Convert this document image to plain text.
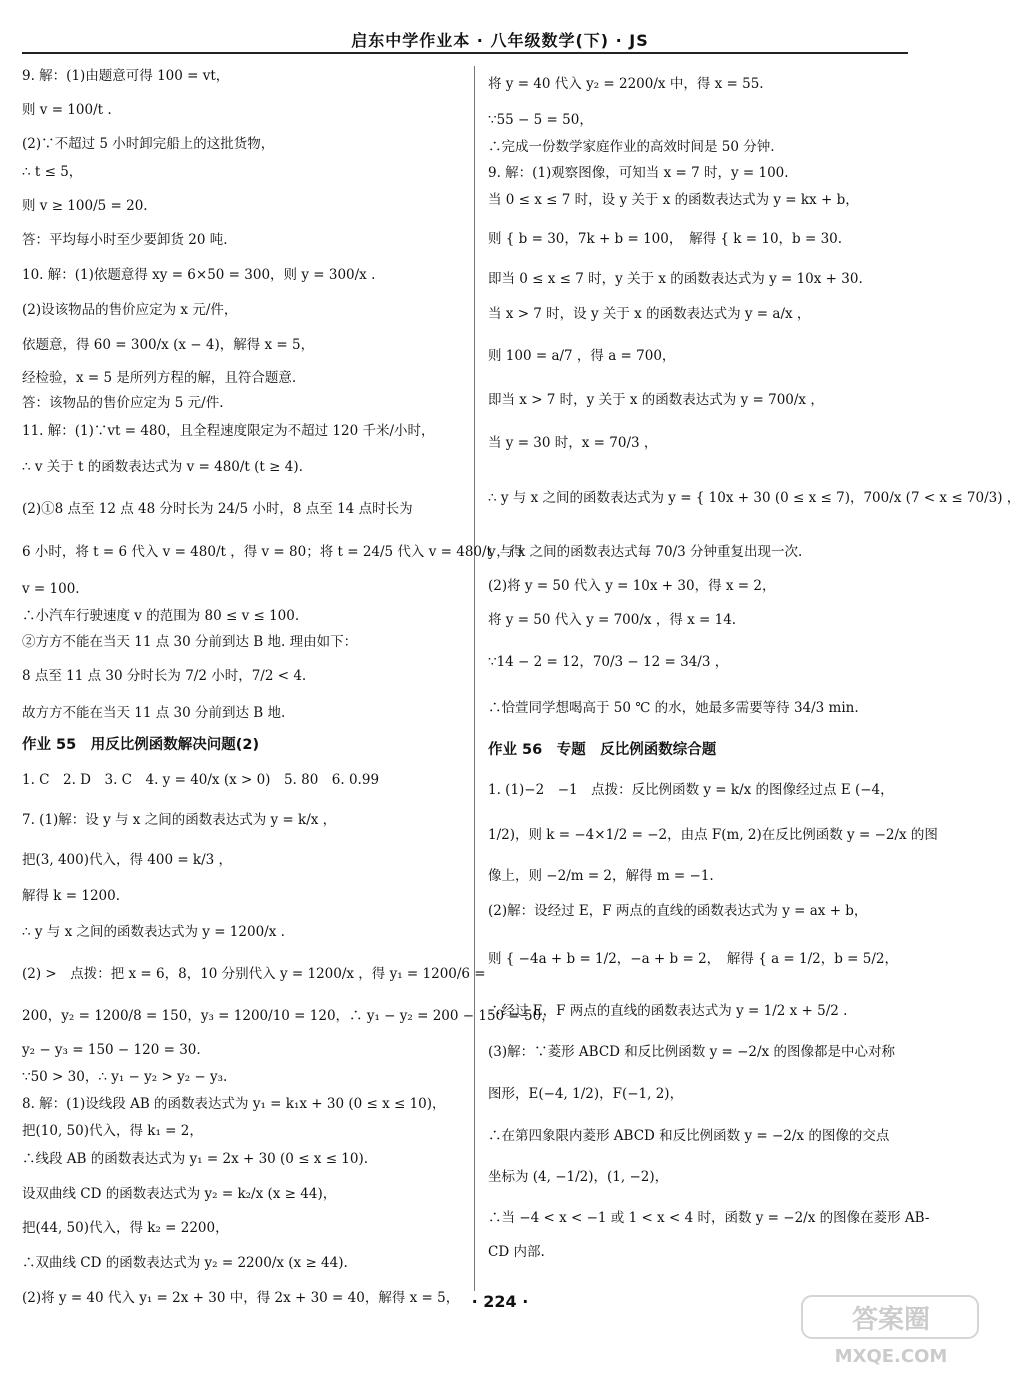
启东中学作业本 · 八年级数学(下) · JS

9. 解：(1)由题意可得 100 = vt，

则 v = 100/t .

(2)∵不超过 5 小时卸完船上的这批货物，

∴ t ≤ 5，

则 v ≥ 100/5 = 20.

答：平均每小时至少要卸货 20 吨.

10. 解：(1)依题意得 xy = 6×50 = 300，则 y = 300/x .

(2)设该物品的售价应定为 x 元/件，

依题意，得 60 = 300/x (x − 4)，解得 x = 5，

经检验，x = 5 是所列方程的解，且符合题意.

答：该物品的售价应定为 5 元/件.

11. 解：(1)∵vt = 480，且全程速度限定为不超过 120 千米/小时，

∴ v 关于 t 的函数表达式为 v = 480/t (t ≥ 4).

(2)①8 点至 12 点 48 分时长为 24/5 小时，8 点至 14 点时长为

6 小时，将 t = 6 代入 v = 480/t ，得 v = 80；将 t = 24/5 代入 v = 480/t ，得

v = 100.

∴小汽车行驶速度 v 的范围为 80 ≤ v ≤ 100.

②方方不能在当天 11 点 30 分前到达 B 地. 理由如下：

8 点至 11 点 30 分时长为 7/2 小时，7/2 < 4.

故方方不能在当天 11 点 30 分前到达 B 地.

作业 55　用反比例函数解决问题(2)

1. C　2. D　3. C　4. y = 40/x (x > 0)　5. 80　6. 0.99

7. (1)解：设 y 与 x 之间的函数表达式为 y = k/x ，

把(3, 400)代入，得 400 = k/3 ，

解得 k = 1200.

∴ y 与 x 之间的函数表达式为 y = 1200/x .

(2) >　点拨：把 x = 6，8，10 分别代入 y = 1200/x ，得 y₁ = 1200/6 =

200，y₂ = 1200/8 = 150，y₃ = 1200/10 = 120，∴ y₁ − y₂ = 200 − 150 = 50，

y₂ − y₃ = 150 − 120 = 30.

∵50 > 30，∴ y₁ − y₂ > y₂ − y₃.

8. 解：(1)设线段 AB 的函数表达式为 y₁ = k₁x + 30 (0 ≤ x ≤ 10)，

把(10, 50)代入，得 k₁ = 2，

∴线段 AB 的函数表达式为 y₁ = 2x + 30 (0 ≤ x ≤ 10).

设双曲线 CD 的函数表达式为 y₂ = k₂/x (x ≥ 44)，

把(44, 50)代入，得 k₂ = 2200，

∴双曲线 CD 的函数表达式为 y₂ = 2200/x (x ≥ 44).

(2)将 y = 40 代入 y₁ = 2x + 30 中，得 2x + 30 = 40，解得 x = 5，

将 y = 40 代入 y₂ = 2200/x 中，得 x = 55.

∵55 − 5 = 50，

∴完成一份数学家庭作业的高效时间是 50 分钟.

9. 解：(1)观察图像，可知当 x = 7 时，y = 100.

当 0 ≤ x ≤ 7 时，设 y 关于 x 的函数表达式为 y = kx + b，

则 { b = 30，7k + b = 100，　解得 { k = 10，b = 30.

即当 0 ≤ x ≤ 7 时，y 关于 x 的函数表达式为 y = 10x + 30.

当 x > 7 时，设 y 关于 x 的函数表达式为 y = a/x ，

则 100 = a/7 ，得 a = 700，

即当 x > 7 时，y 关于 x 的函数表达式为 y = 700/x ，

当 y = 30 时，x = 70/3 ，

∴ y 与 x 之间的函数表达式为 y = { 10x + 30 (0 ≤ x ≤ 7)，700/x (7 < x ≤ 70/3) ，

y 与 x 之间的函数表达式每 70/3 分钟重复出现一次.

(2)将 y = 50 代入 y = 10x + 30，得 x = 2，

将 y = 50 代入 y = 700/x ，得 x = 14.

∵14 − 2 = 12，70/3 − 12 = 34/3 ，

∴恰萱同学想喝高于 50 ℃ 的水，她最多需要等待 34/3 min.

作业 56　专题　反比例函数综合题

1. (1)−2　−1　点拨：反比例函数 y = k/x 的图像经过点 E (−4，

1/2)，则 k = −4×1/2 = −2，由点 F(m, 2)在反比例函数 y = −2/x 的图

像上，则 −2/m = 2，解得 m = −1.

(2)解：设经过 E，F 两点的直线的函数表达式为 y = ax + b，

则 { −4a + b = 1/2，−a + b = 2，　解得 { a = 1/2，b = 5/2，

∴经过 E，F 两点的直线的函数表达式为 y = 1/2 x + 5/2 .

(3)解：∵菱形 ABCD 和反比例函数 y = −2/x 的图像都是中心对称

图形，E(−4, 1/2)，F(−1, 2)，

∴在第四象限内菱形 ABCD 和反比例函数 y = −2/x 的图像的交点

坐标为 (4, −1/2)，(1, −2)，

∴当 −4 < x < −1 或 1 < x < 4 时，函数 y = −2/x 的图像在菱形 AB-

CD 内部.

· 224 ·
答案圈
MXQE.COM
